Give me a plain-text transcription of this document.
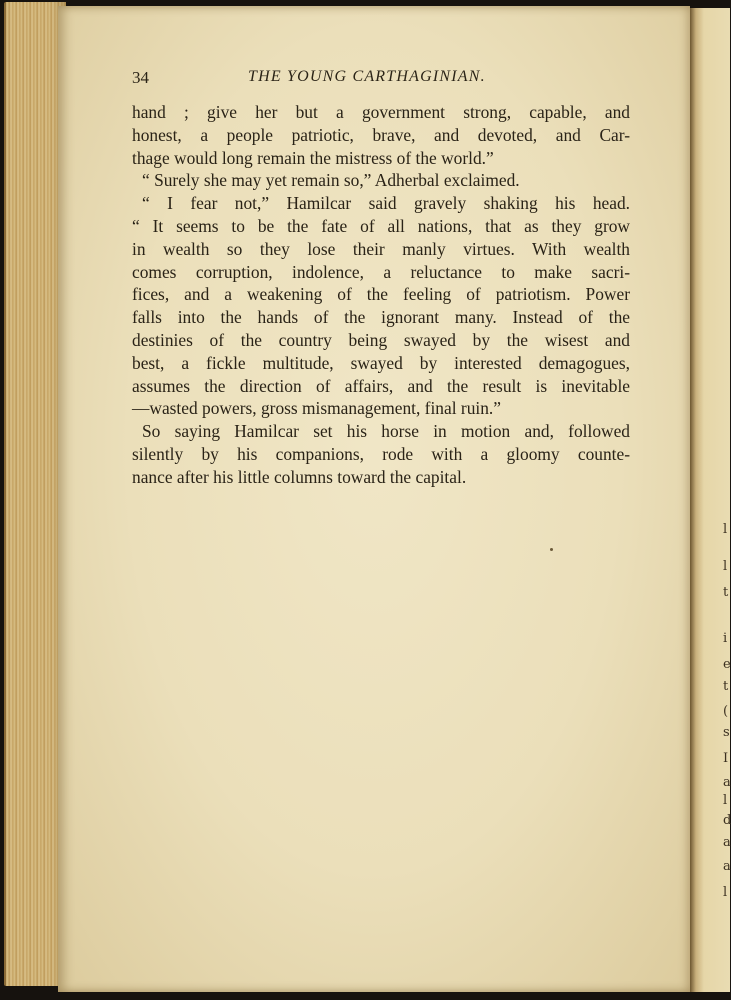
l
l
t
i
e
t
(
s
I
a
l
d
a
a
l
34	THE YOUNG CARTHAGINIAN.
hand ; give her but a government strong, capable, and
honest, a people patriotic, brave, and devoted, and Car-
thage would long remain the mistress of the world.”
“ Surely she may yet remain so,” Adherbal exclaimed.
“ I fear not,” Hamilcar said gravely shaking his head.
“ It seems to be the fate of all nations, that as they grow
in wealth so they lose their manly virtues. With wealth
comes corruption, indolence, a reluctance to make sacri-
fices, and a weakening of the feeling of patriotism. Power
falls into the hands of the ignorant many. Instead of the
destinies of the country being swayed by the wisest and
best, a fickle multitude, swayed by interested demagogues,
assumes the direction of affairs, and the result is inevitable
—wasted powers, gross mismanagement, final ruin.”
So saying Hamilcar set his horse in motion and, followed
silently by his companions, rode with a gloomy counte-
nance after his little columns toward the capital.
